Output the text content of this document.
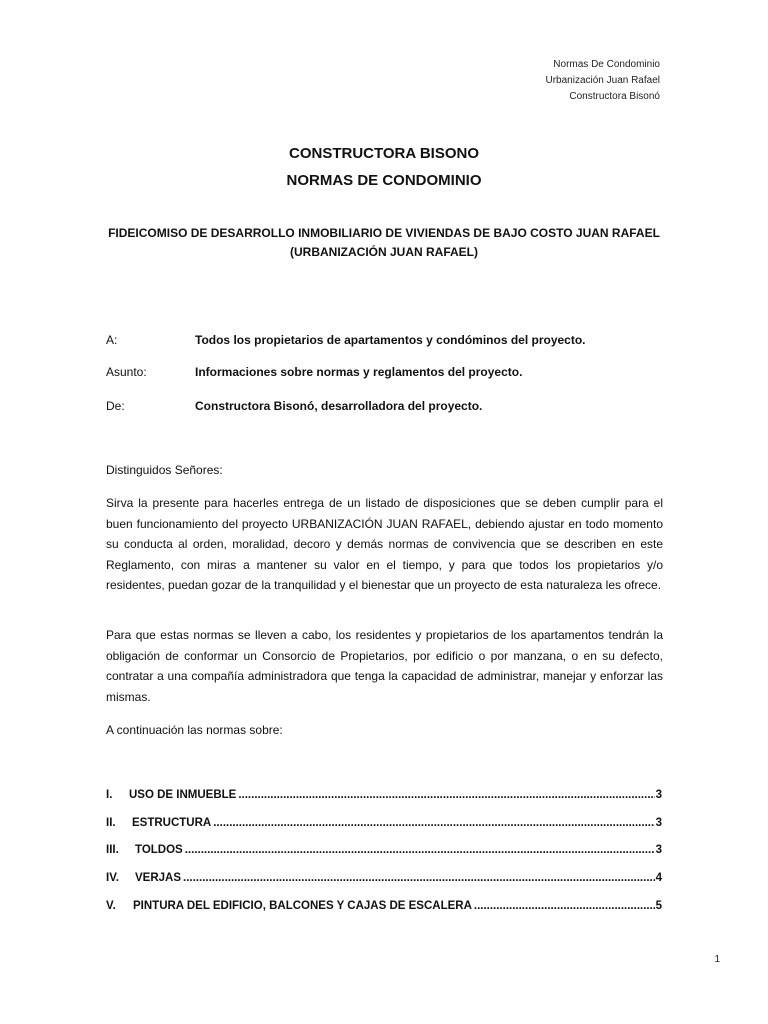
Normas De Condominio
Urbanización Juan Rafael
Constructora Bisonó
CONSTRUCTORA BISONO
NORMAS DE CONDOMINIO
FIDEICOMISO DE DESARROLLO INMOBILIARIO DE VIVIENDAS DE BAJO COSTO JUAN RAFAEL
(URBANIZACIÓN JUAN RAFAEL)
A:	Todos los propietarios de apartamentos y condóminos del proyecto.
Asunto:	Informaciones sobre normas y reglamentos del proyecto.
De:	Constructora Bisonó, desarrolladora del proyecto.
Distinguidos Señores:
Sirva la presente para hacerles entrega de un listado de disposiciones que se deben cumplir para el buen funcionamiento del proyecto URBANIZACIÓN JUAN RAFAEL, debiendo ajustar en todo momento su conducta al orden, moralidad, decoro y demás normas de convivencia que se describen en este Reglamento, con miras a mantener su valor en el tiempo, y para que todos los propietarios y/o residentes, puedan gozar de la tranquilidad y el bienestar que un proyecto de esta naturaleza les ofrece.
Para que estas normas se lleven a cabo, los residentes y propietarios de los apartamentos tendrán la obligación de conformar un Consorcio de Propietarios, por edificio o por manzana, o en su defecto, contratar a una compañía administradora que tenga la capacidad de administrar, manejar y enforzar las mismas.
A continuación las normas sobre:
I.	USO DE INMUEBLE .....	3
II.	ESTRUCTURA .....	3
III.	TOLDOS .....	3
IV.	VERJAS .....	4
V.	PINTURA DEL EDIFICIO, BALCONES Y CAJAS DE ESCALERA .....	5
1
